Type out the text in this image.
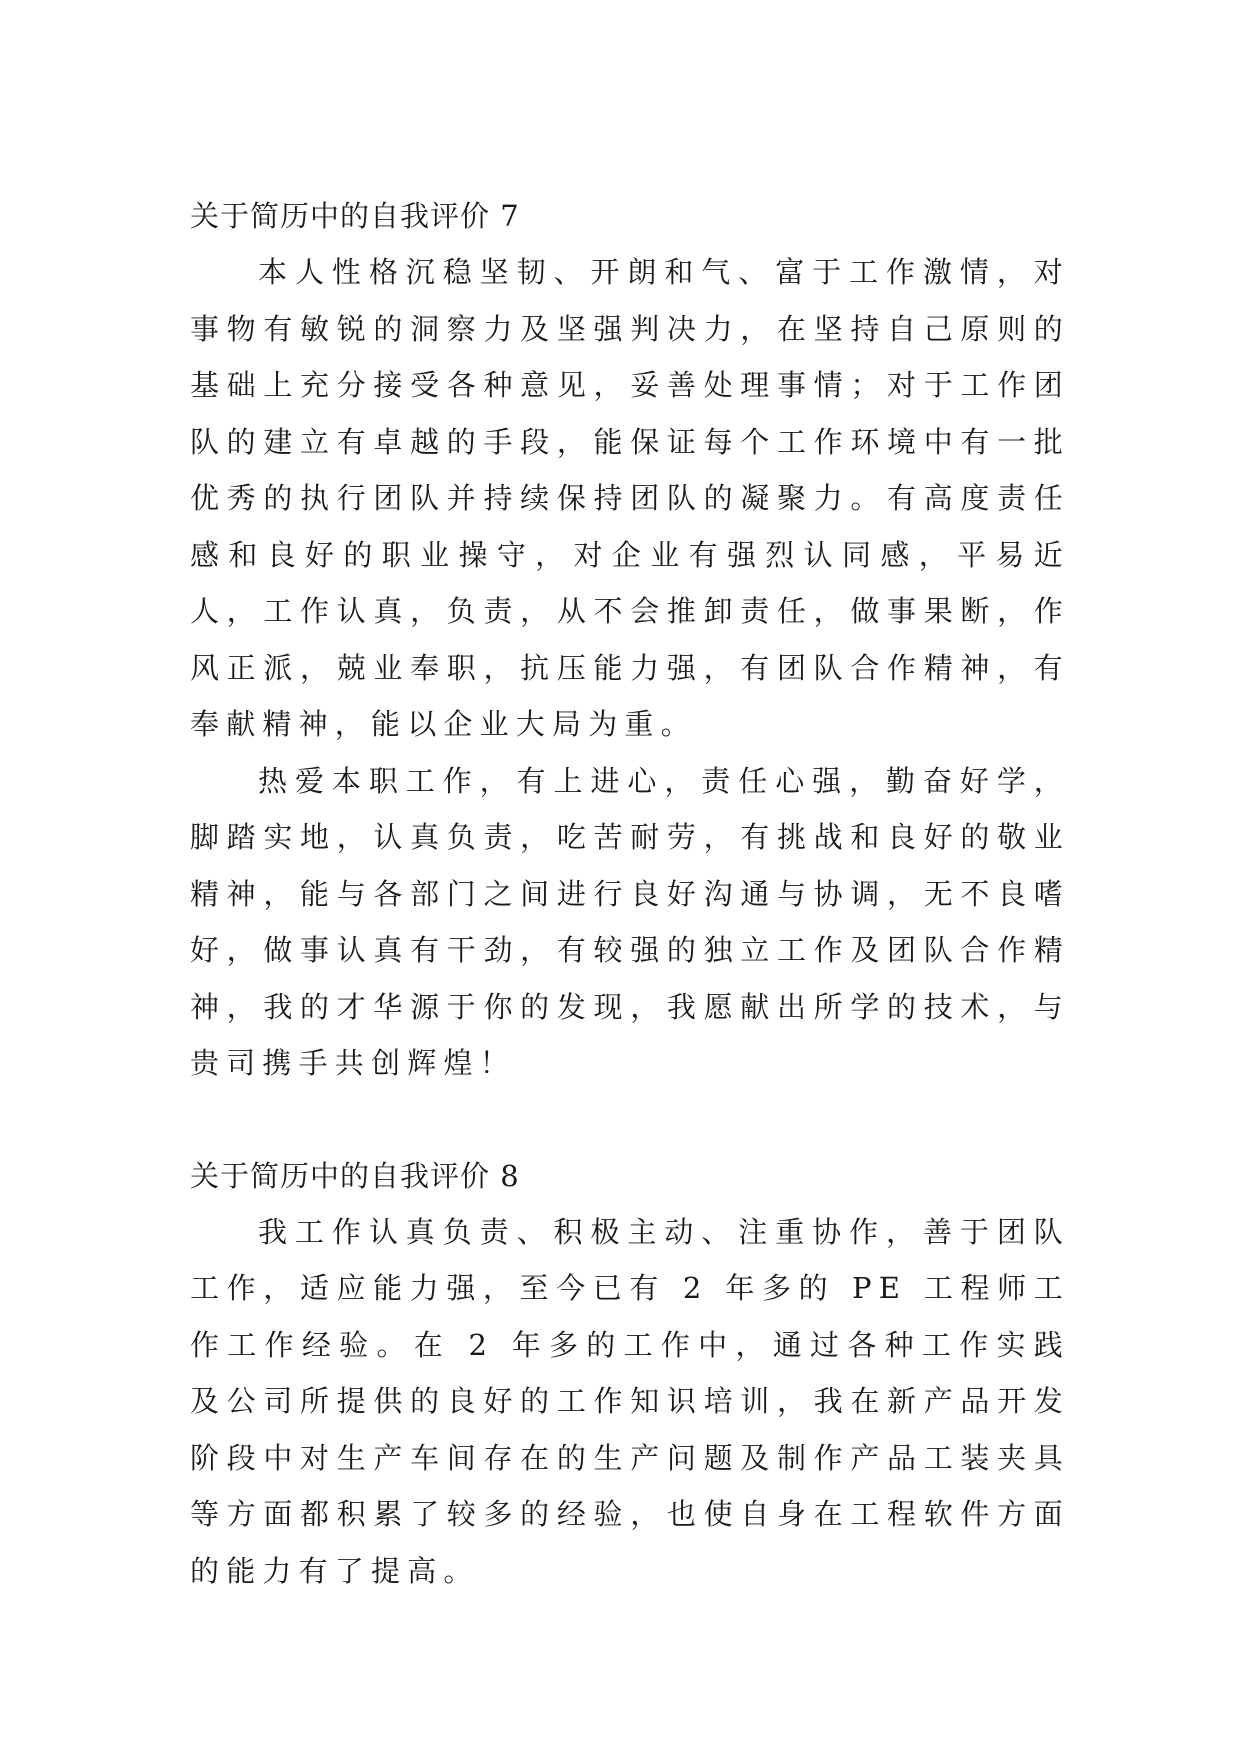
关于简历中的自我评价 7

本人性格沉稳坚韧、开朗和气、富于工作激情，对事物有敏锐的洞察力及坚强判决力，在坚持自己原则的基础上充分接受各种意见，妥善处理事情；对于工作团队的建立有卓越的手段，能保证每个工作环境中有一批优秀的执行团队并持续保持团队的凝聚力。有高度责任感和良好的职业操守，对企业有强烈认同感，平易近人，工作认真，负责，从不会推卸责任，做事果断，作风正派，兢业奉职，抗压能力强，有团队合作精神，有奉献精神，能以企业大局为重。

热爱本职工作，有上进心，责任心强，勤奋好学，脚踏实地，认真负责，吃苦耐劳，有挑战和良好的敬业精神，能与各部门之间进行良好沟通与协调，无不良嗜好，做事认真有干劲，有较强的独立工作及团队合作精神，我的才华源于你的发现，我愿献出所学的技术，与贵司携手共创辉煌！

关于简历中的自我评价 8

我工作认真负责、积极主动、注重协作，善于团队工作，适应能力强，至今已有 2 年多的 PE 工程师工作工作经验。在 2 年多的工作中，通过各种工作实践及公司所提供的良好的工作知识培训，我在新产品开发阶段中对生产车间存在的生产问题及制作产品工装夹具等方面都积累了较多的经验，也使自身在工程软件方面的能力有了提高。
